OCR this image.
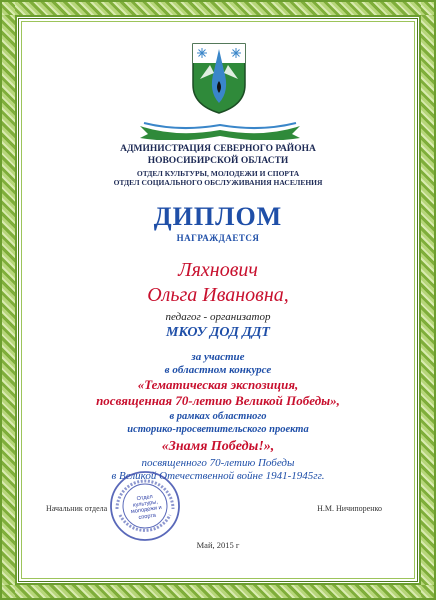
АДМИНИСТРАЦИЯ СЕВЕРНОГО РАЙОНА
НОВОСИБИРСКОЙ ОБЛАСТИ
ОТДЕЛ КУЛЬТУРЫ, МОЛОДЕЖИ И СПОРТА
ОТДЕЛ СОЦИАЛЬНОГО ОБСЛУЖИВАНИЯ НАСЕЛЕНИЯ
ДИПЛОМ
НАГРАЖДАЕТСЯ
Ляхнович
Ольга Ивановна,
педагог - организатор
МКОУ ДОД ДДТ
за участие
в областном конкурсе
«Тематическая экспозиция,
посвященная 70-летию Великой Победы»,
в рамках областного
историко-просветительского проекта
«Знамя Победы!»,
посвященного 70-летию Победы
в Великой Отечественной войне 1941-1945гг.
Отдел культуры, молодежи и спорта
Начальник отдела	Н.М. Ничипоренко
Май, 2015 г
